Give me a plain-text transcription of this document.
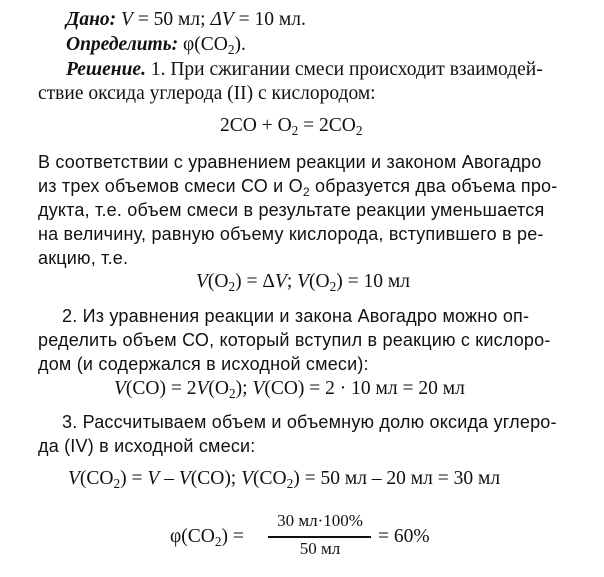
Дано: V = 50 мл; ΔV = 10 мл.
Определить: $\varphi(CO_2)$.
Решение. 1. При сжигании смеси происходит взаимодей-
ствие оксида углерода (II) с кислородом:
$2CO + O_2 = 2CO_2$
В соответствии с уравнением реакции и законом Авогадро
из трех объемов смеси СО и $О_2$ образуется два объема про-
дукта, т.е. объем смеси в результате реакции уменьшается
на величину, равную объему кислорода, вступившего в ре-
акцию, т.е.
$V(O_2) = \Delta V$; $V(O_2) = 10$ мл
2. Из уравнения реакции и закона Авогадро можно оп-
ределить объем СО, который вступил в реакцию с кислоро-
дом (и содержался в исходной смеси):
$V(CO) = 2V(O_2)$; V(CO) = 2 · 10 мл = 20 мл
3. Рассчитываем объем и объемную долю оксида углеро-
да (IV) в исходной смеси:
$V(CO_2) = V - V(CO)$; $V(CO_2) = 50$ мл – 20 мл = 30 мл
$\varphi(CO_2)$ =
30 мл·100%
50 мл
= 60%
